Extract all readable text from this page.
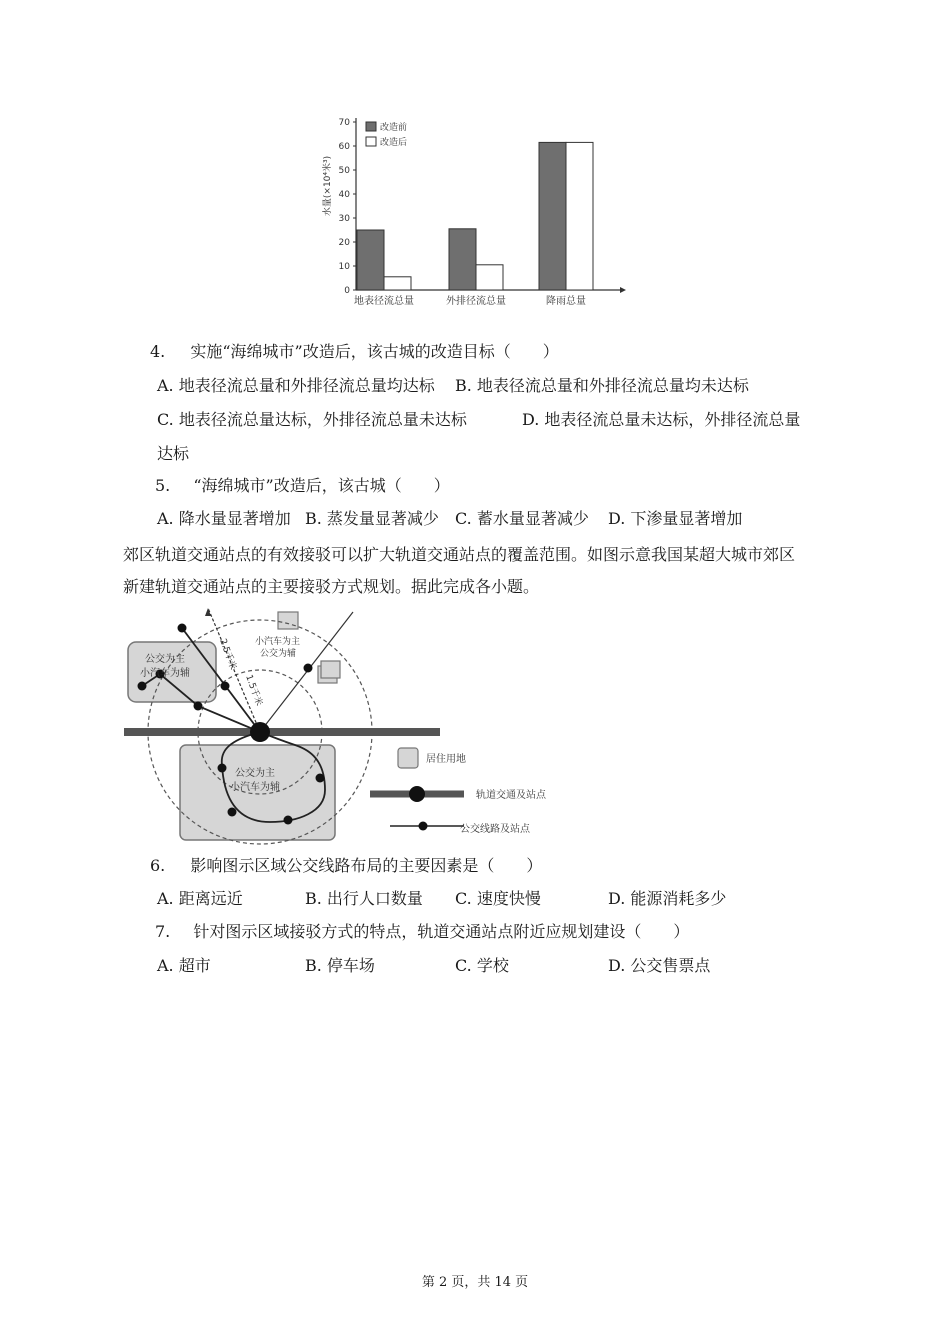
0
10
20
30
40
50
60
70
水量(×10⁴米³)
地表径流总量	外排径流总量	降雨总量
改造前
改造后
4. 实施“海绵城市”改造后，该古城的改造目标（　　）
A. 地表径流总量和外排径流总量均达标 B. 地表径流总量和外排径流总量均未达标
C. 地表径流总量达标，外排径流总量未达标	D. 地表径流总量未达标，外排径流总量
达标
5. “海绵城市”改造后，该古城（　　）
A. 降水量显著增加 B. 蒸发量显著减少 C. 蓄水量显著减少 D. 下渗量显著增加
郊区轨道交通站点的有效接驳可以扩大轨道交通站点的覆盖范围。如图示意我国某超大城市郊区
新建轨道交通站点的主要接驳方式规划。据此完成各小题。
公交为主
小汽车为辅
小汽车为主
公交为辅
公交为主
小汽车为辅
2.5千米
1.5千米
居住用地
轨道交通及站点
公交线路及站点
6. 影响图示区域公交线路布局的主要因素是（　　）
A. 距离远近	B. 出行人口数量 C. 速度快慢	D. 能源消耗多少
7. 针对图示区域接驳方式的特点，轨道交通站点附近应规划建设（　　）
A. 超市	B. 停车场	C. 学校	D. 公交售票点
第 2 页，共 14 页
